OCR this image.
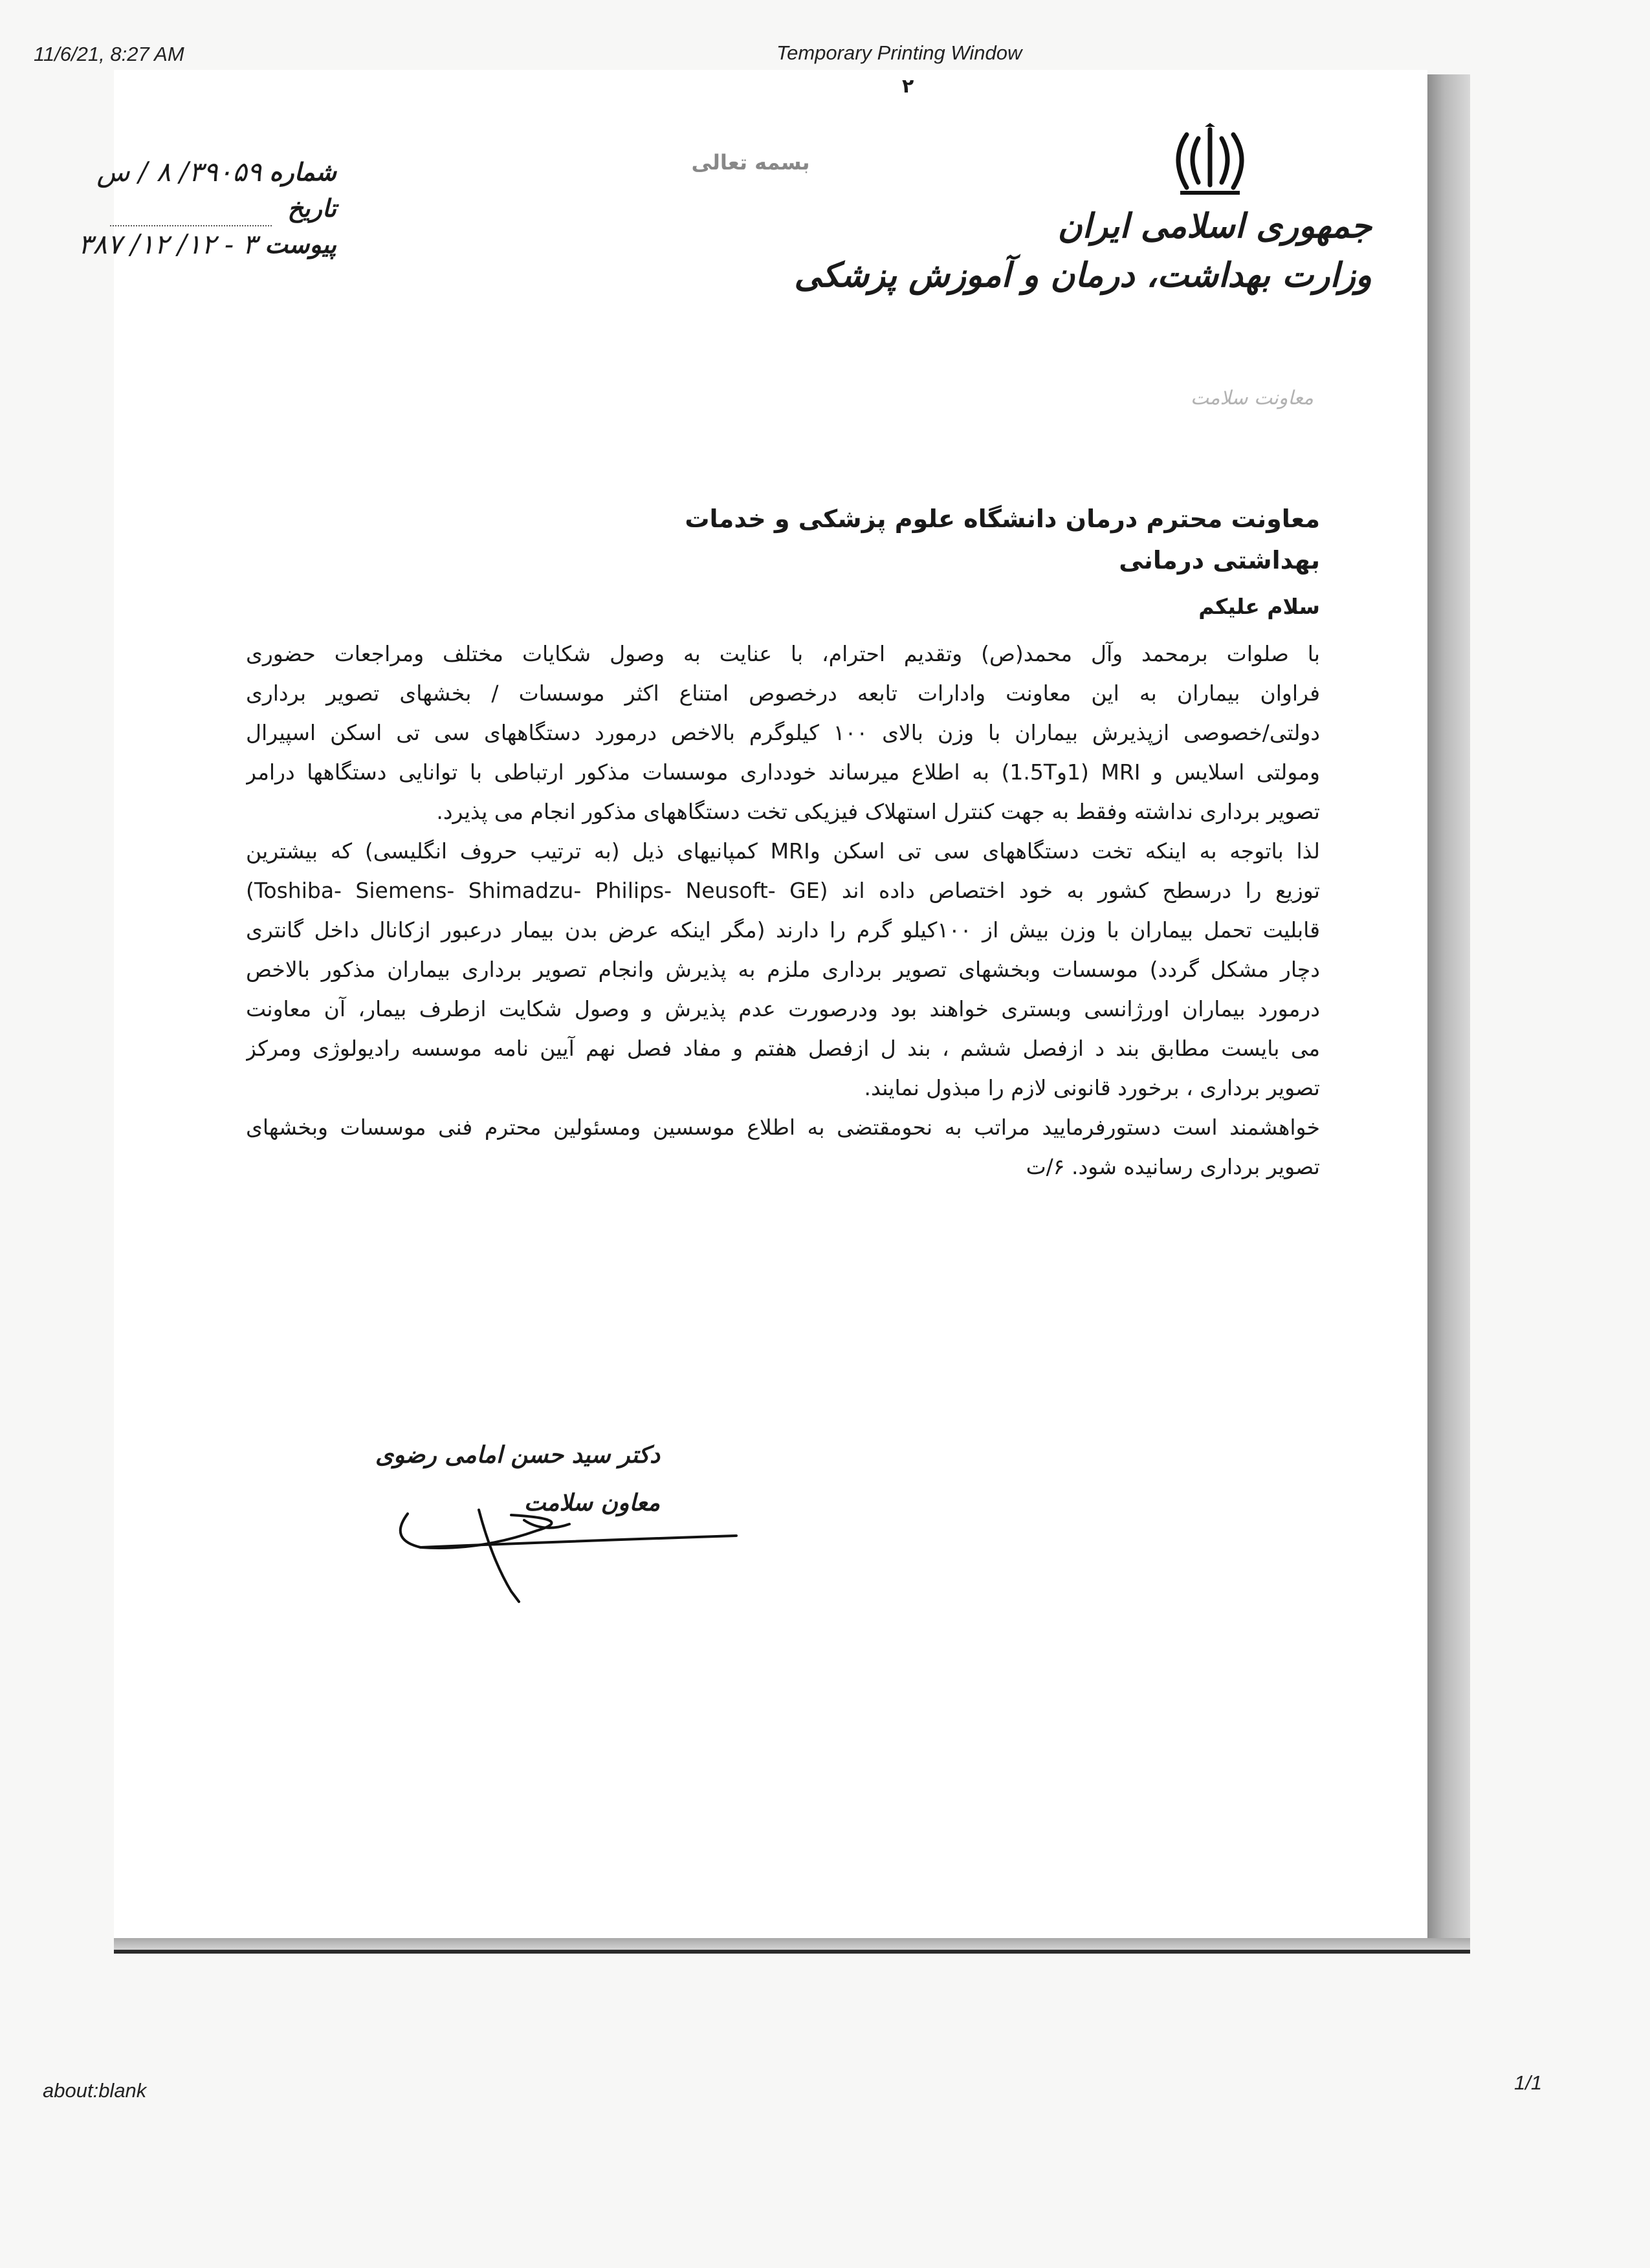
11/6/21, 8:27 AM	Temporary Printing Window
about:blank	1/1
۲
جمهوری اسلامی ایران
وزارت بهداشت، درمان و آموزش پزشکی
معاونت سلامت
بسمه تعالی
شماره
۳۹۰۵۹/ ۸ / س
تاریخ
پیوست
۳ - ۱۲/ ۱۲/ ۳۸۷
معاونت محترم درمان دانشگاه علوم پزشکی و خدمات بهداشتی درمانی
سلام علیکم
با صلوات برمحمد وآل محمد(ص) وتقدیم احترام، با عنایت به وصول شکایات مختلف ومراجعات حضوری
فراوان بیماران به این معاونت وادارات تابعه درخصوص امتناع اکثر موسسات / بخشهای تصویر برداری
دولتی/خصوصی ازپذیرش بیماران با وزن بالای ۱۰۰ کیلوگرم بالاخص درمورد دستگاههای سی تی اسکن اسپیرال
ومولتی اسلایس و MRI (1و1.5T) به اطلاع میرساند خودداری موسسات مذکور ارتباطی با توانایی دستگاهها درامر
تصویر برداری نداشته وفقط به جهت کنترل استهلاک فیزیکی تخت دستگاههای مذکور انجام می پذیرد.
لذا باتوجه به اینکه تخت دستگاههای سی تی اسکن وMRI کمپانیهای ذیل (به ترتیب حروف انگلیسی) که بیشترین
توزیع را درسطح کشور به خود اختصاص داده اند (Toshiba- Siemens- Shimadzu- Philips- Neusoft- GE)
قابلیت تحمل بیماران با وزن بیش از ۱۰۰کیلو گرم را دارند (مگر اینکه عرض بدن بیمار درعبور ازکانال داخل گانتری
دچار مشکل گردد) موسسات وبخشهای تصویر برداری ملزم به پذیرش وانجام تصویر برداری بیماران مذکور بالاخص
درمورد بیماران اورژانسی وبستری خواهند بود ودرصورت عدم پذیرش و وصول شکایت ازطرف بیمار، آن معاونت
می بایست مطابق بند د ازفصل ششم ، بند ل ازفصل هفتم و مفاد فصل نهم آیین نامه موسسه رادیولوژی ومرکز
تصویر برداری ، برخورد قانونی لازم را مبذول نمایند.
خواهشمند است دستورفرمایید مراتب به نحومقتضی به اطلاع موسسین ومسئولین محترم فنی موسسات وبخشهای
تصویر برداری رسانیده شود. ۶/ت
دکتر سید حسن امامی رضوی
معاون سلامت
